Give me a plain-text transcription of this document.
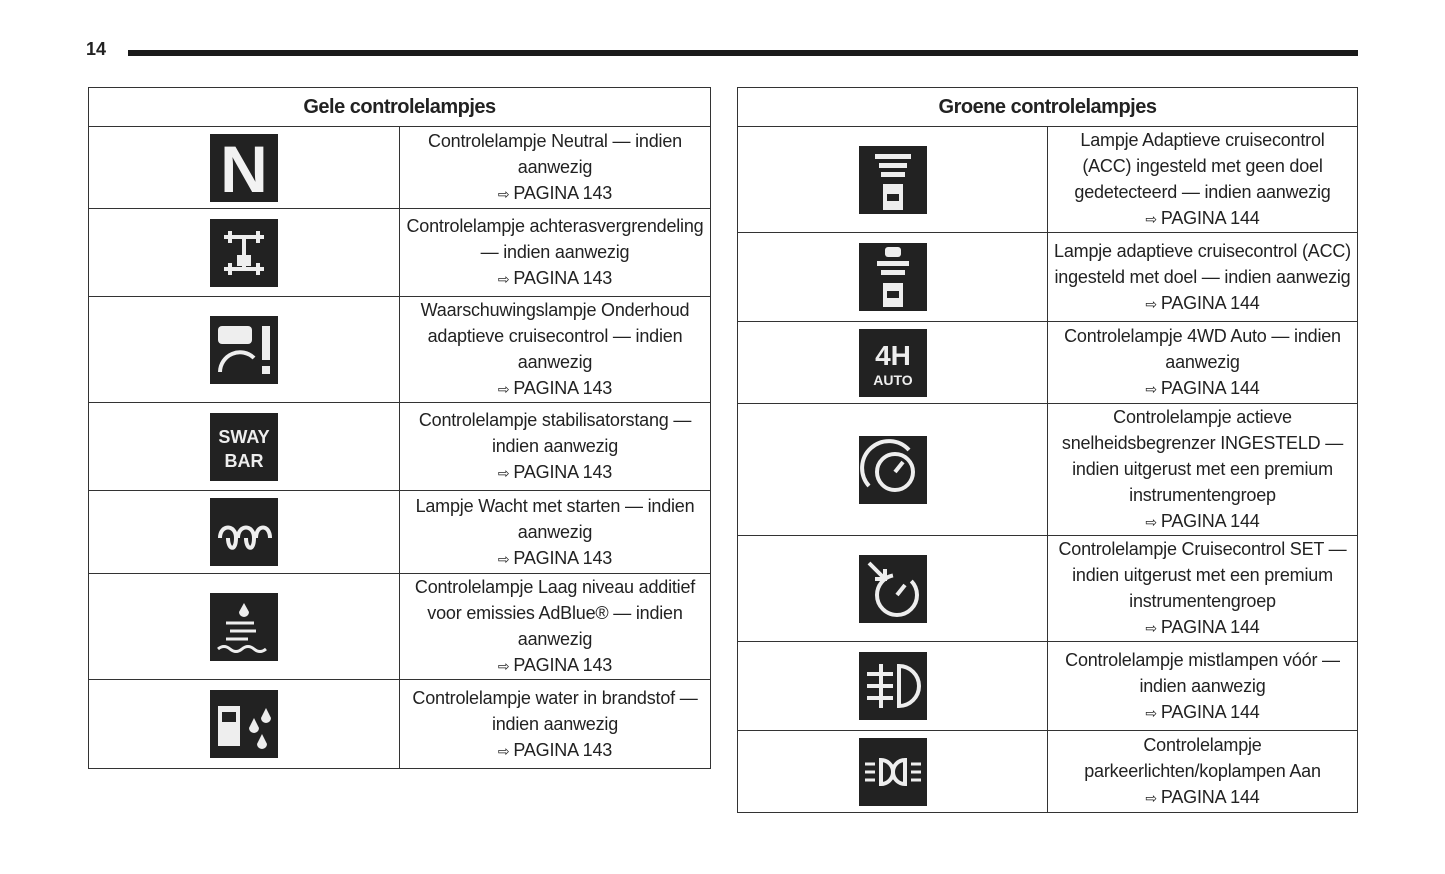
14
Gele controlelampjes	

N	Controlelampje Neutral — indien aanwezig
⇨ PAGINA 143

	Controlelampje achterasvergrendeling — indien aanwezig
⇨ PAGINA 143

	Waarschuwingslampje Onderhoud adaptieve cruisecontrol — indien aanwezig
⇨ PAGINA 143

SWAY
BAR	Controlelampje stabilisatorstang — indien aanwezig
⇨ PAGINA 143

	Lampje Wacht met starten — indien aanwezig
⇨ PAGINA 143

	Controlelampje Laag niveau additief voor emissies AdBlue® — indien aanwezig
⇨ PAGINA 143

	Controlelampje water in brandstof — indien aanwezig
⇨ PAGINA 143
Groene controlelampjes	

	Lampje Adaptieve cruisecontrol (ACC) ingesteld met geen doel gedetecteerd — indien aanwezig
⇨ PAGINA 144

	Lampje adaptieve cruisecontrol (ACC) ingesteld met doel — indien aanwezig
⇨ PAGINA 144

4H
AUTO	Controlelampje 4WD Auto — indien aanwezig
⇨ PAGINA 144

	Controlelampje actieve snelheidsbegrenzer INGESTELD — indien uitgerust met een premium instrumentengroep
⇨ PAGINA 144

	Controlelampje Cruisecontrol SET — indien uitgerust met een premium instrumentengroep
⇨ PAGINA 144

	Controlelampje mistlampen vóór — indien aanwezig
⇨ PAGINA 144

	Controlelampje parkeerlichten/koplampen Aan
⇨ PAGINA 144
